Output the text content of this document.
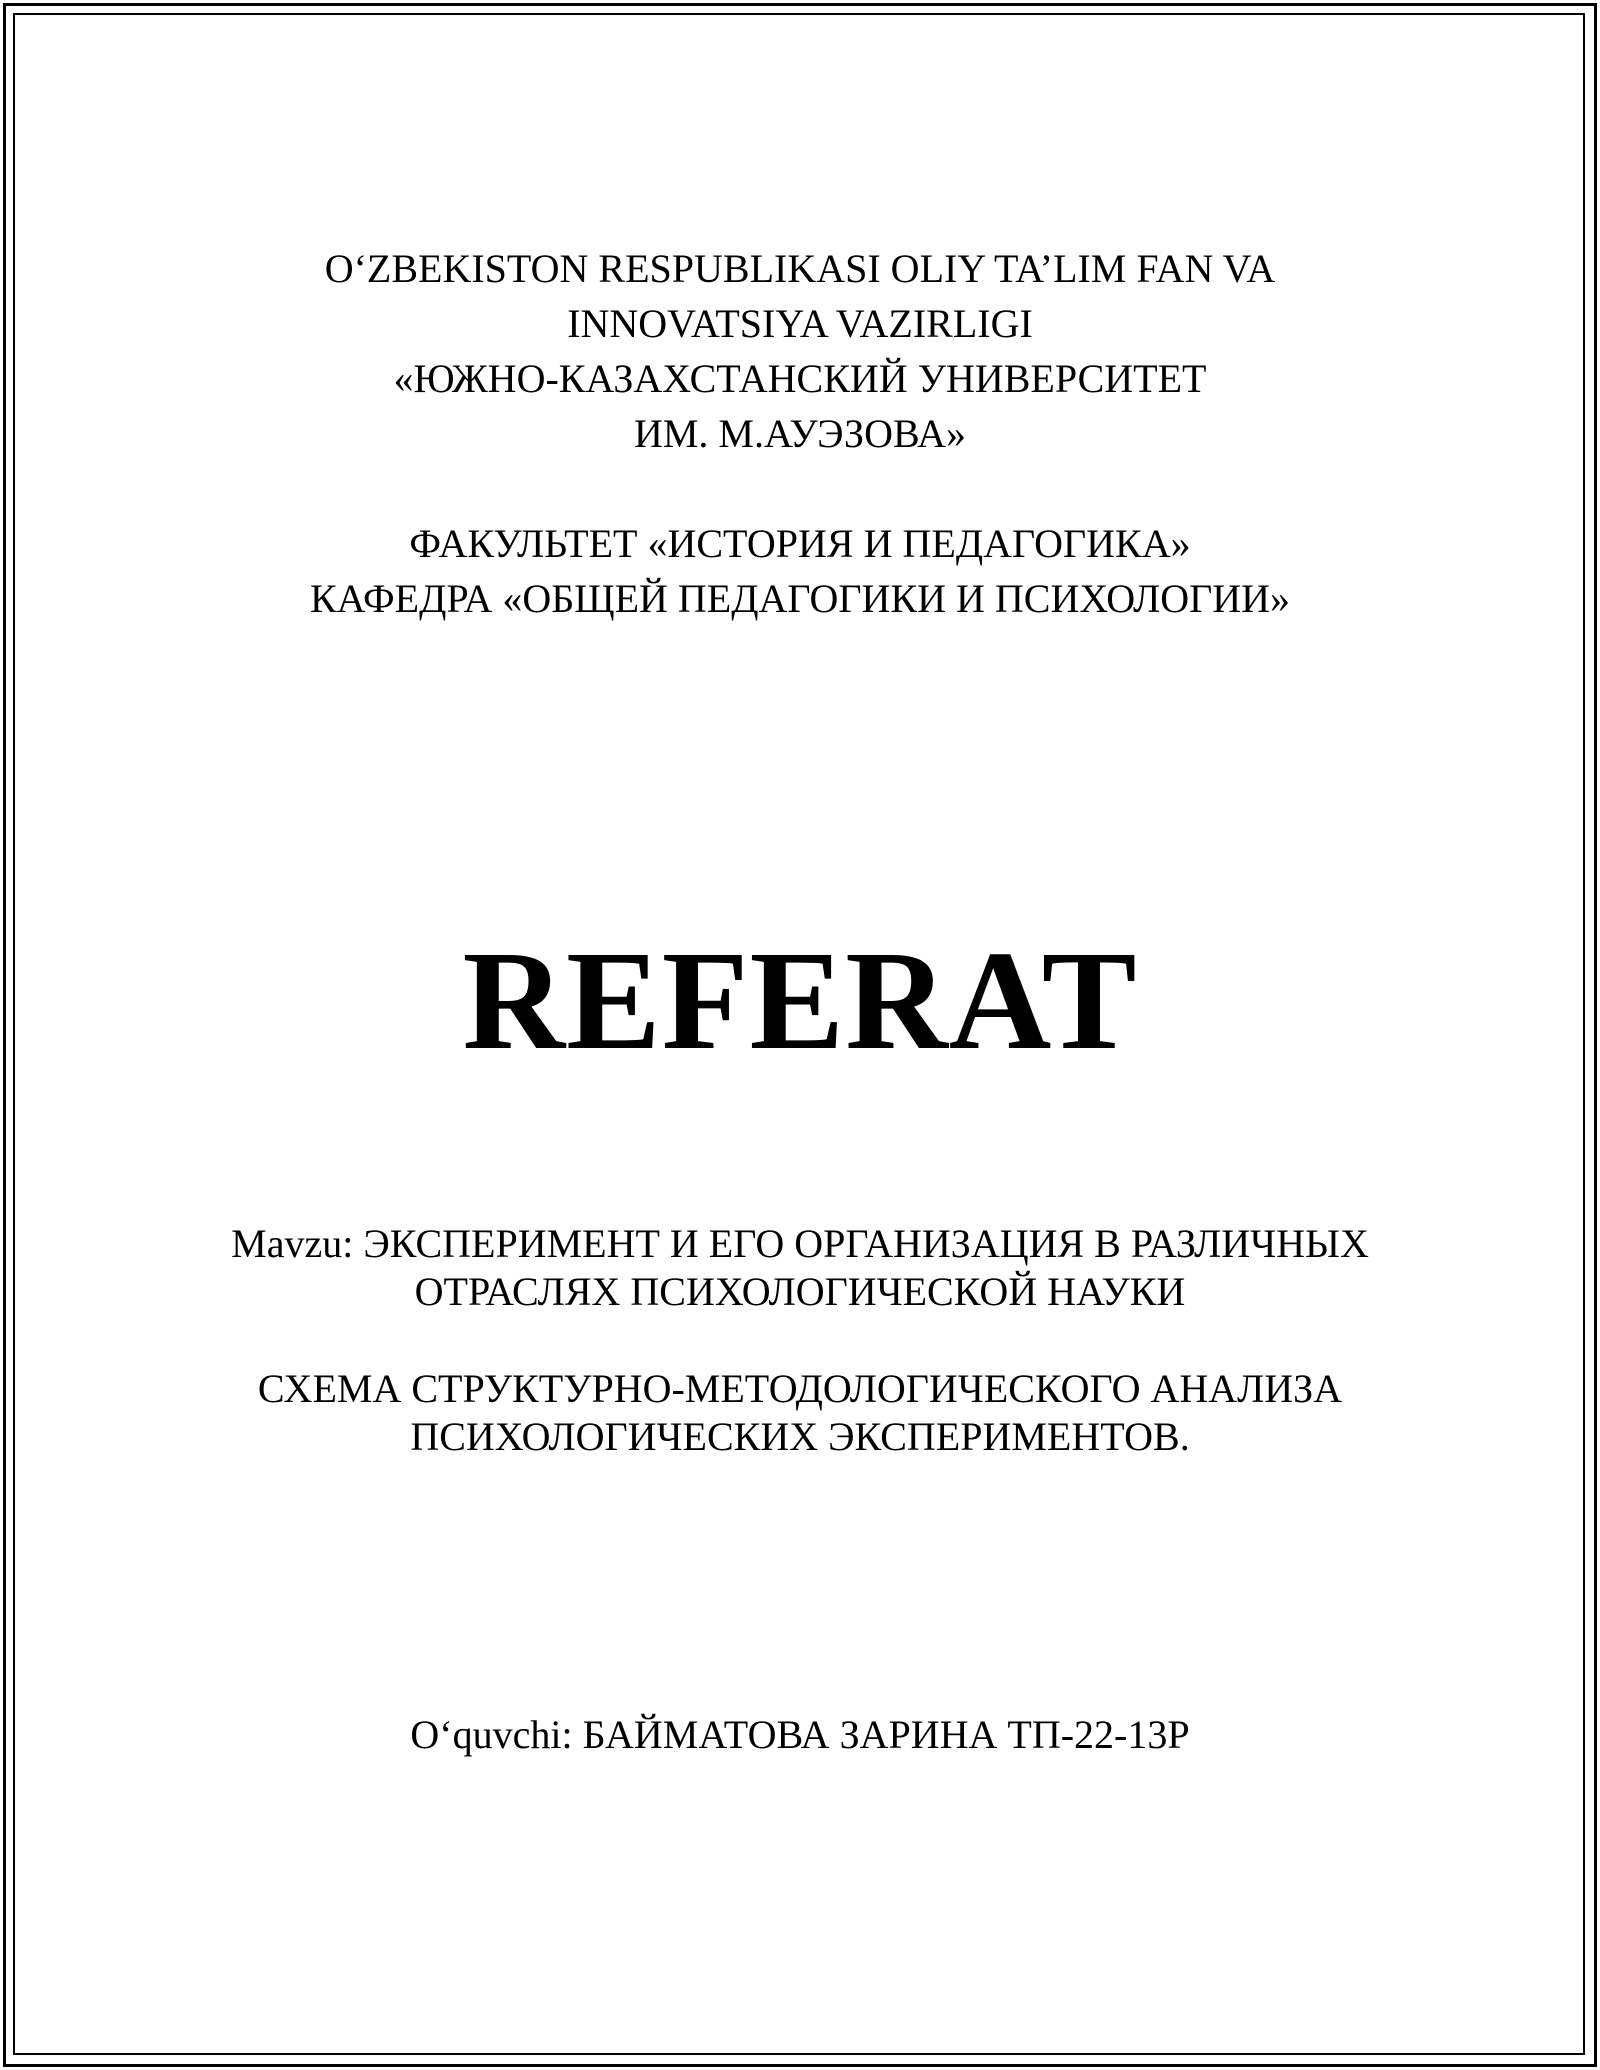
O‘ZBEKISTON RESPUBLIKASI OLIY TA’LIM FAN VA
INNOVATSIYA VAZIRLIGI
«ЮЖНО-КАЗАХСТАНСКИЙ УНИВЕРСИТЕТ
ИМ. М.АУЭЗОВА»
ФАКУЛЬТЕТ «ИСТОРИЯ И ПЕДАГОГИКА»
КАФЕДРА «ОБЩЕЙ ПЕДАГОГИКИ И ПСИХОЛОГИИ»
REFERAT
Mavzu: ЭКСПЕРИМЕНТ И ЕГО ОРГАНИЗАЦИЯ В РАЗЛИЧНЫХ
ОТРАСЛЯХ ПСИХОЛОГИЧЕСКОЙ НАУКИ
СХЕМА СТРУКТУРНО-МЕТОДОЛОГИЧЕСКОГО АНАЛИЗА
ПСИХОЛОГИЧЕСКИХ ЭКСПЕРИМЕНТОВ.
O‘quvchi: БАЙМАТОВА ЗАРИНА ТП-22-13Р
